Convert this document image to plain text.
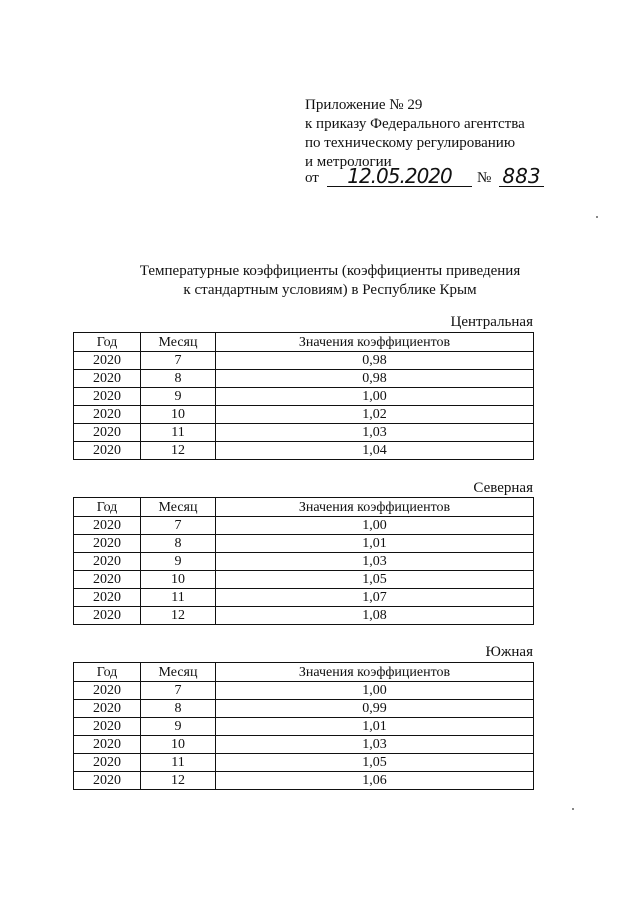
Приложение № 29
к приказу Федерального агентства
по техническому регулированию
и метрологии
от	12.05.2020	№ 883
Температурные коэффициенты (коэффициенты приведения
к стандартным условиям) в Республике Крым
Центральная
Год	Месяц	Значения коэффициентов
2020	7	0,98
2020	8	0,98
2020	9	1,00
2020	10	1,02
2020	11	1,03
2020	12	1,04
Северная
Год	Месяц	Значения коэффициентов
2020	7	1,00
2020	8	1,01
2020	9	1,03
2020	10	1,05
2020	11	1,07
2020	12	1,08
Южная
Год	Месяц	Значения коэффициентов
2020	7	1,00
2020	8	0,99
2020	9	1,01
2020	10	1,03
2020	11	1,05
2020	12	1,06
